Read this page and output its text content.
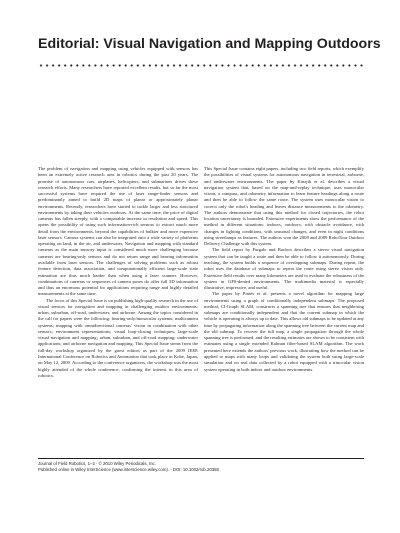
Editorial: Visual Navigation and Mapping Outdoors

The problem of navigation and mapping using vehicles equipped with sensors has been an extremely active research area in robotics during the past 20 years. The promise of autonomous cars, airplanes, helicopters, and submarines drives these research efforts. Many researchers have reported excellent results, but so far the most successful systems have required the use of laser range-finder sensors and predominantly aimed to build 2D maps of planar or approximately planar environments. Recently, researchers have started to tackle larger and less structured environments by taking their vehicles outdoors. At the same time, the price of digital cameras has fallen steeply, with a comparable increase in resolution and speed. This opens the possibility of using such information-rich sensors to extract much more detail from the environments, beyond the capabilities of bulkier and more expensive laser sensors. Camera systems can also be integrated onto a wide variety of platforms operating on land, in the air, and underwater. Navigation and mapping with standard cameras as the main sensory input is considered much more challenging because cameras are bearing-only sensors and do not return range and bearing information available from laser sensors. The challenges of solving problems such as robust feature detection, data association, and computationally efficient large-scale state estimation are thus much harder than when using a laser scanner. However, combinations of cameras or sequences of camera poses do offer full 3D information and thus an enormous potential for applications requiring range and highly detailed measurements at the same time.

The focus of this Special Issue is on publishing high-quality research in the use of visual sensors for navigation and mapping in challenging outdoor environments: urban, suburban, off-road, underwater, and airborne. Among the topics considered in the call for papers were the following: bearing-only/monocular systems; multicamera systems; mapping with omnidirectional cameras' vision in combination with other sensors; environment representations; visual loop-closing techniques; large-scale visual navigation and mapping; urban, suburban, and off-road mapping; underwater applications; and airborne navigation and mapping. This Special Issue stems from the full-day workshop organized by the guest editors as part of the 2009 IEEE International Conference on Robotics and Automation that took place in Kobe, Japan, on May 12, 2009. According to the conference organizers, the workshop was the most highly attended of the whole conference, confirming the interest in this area of robotics.

This Special Issue contains eight papers, including two field reports, which exemplify the possibilities of visual systems for autonomous navigation in terrestrial, airborne, and underwater environments. The paper by Kinzjik et al. describes a visual navigation system that, based on the map-and-replay technique, uses monocular vision, a compass, and odometry information to learn feature headings along a route and then be able to follow the same route. The system uses monocular vision to correct only the robot's heading and leaves distance measurements to the odometry. The authors demonstrate that using this method for closed trajectories, the robot location uncertainty is bounded. Extensive experiments show the performance of the method in different situations: indoors, outdoors, with obstacle avoidance, with changes in lighting conditions, with seasonal changes, and even in night conditions using streetlamps as features. The authors won the 2008 and 2009 RoboTour Outdoor Delivery Challenge with this system.

The field report by Furgale and Barfoot describes a stereo visual navigation system that can be taught a route and then be able to follow it autonomously. During teaching, the system builds a sequence of overlapping submaps. During repeat, the robot uses the database of submaps to repeat the route using stereo vision only. Extensive field results over many kilometers are used to evaluate the robustness of the system in GPS-denied environments. The multimedia material is especially illustrative, impressive, and useful.

The paper by Piniés et al. presents a novel algorithm for mapping large environments using a graph of conditionally independent submaps. The proposed method, CI-Graph SLAM, constructs a spanning tree that ensures that neighboring submaps are conditionally independent and that the current submap in which the vehicle is operating is always up to date. This allows old submaps to be updated at any time by propagating information along the spanning tree between the current map and the old submap. To recover the full map, a single propagation through the whole spanning tree is performed, and the resulting estimates are shown to be consistent with estimates using a single extended Kalman filter-based SLAM algorithm. The work presented here extends the authors' previous work, illustrating how the method can be applied to maps with many loops and validating the system both using large-scale simulation and on real data collected by a robot equipped with a trinocular vision system operating in both indoor and outdoor environments.

Journal of Field Robotics, 1–2 · © 2010 Wiley Periodicals, Inc.
Published online in Wiley InterScience (www.interscience.wiley.com). · DOI: 10.1002/rob.20358
